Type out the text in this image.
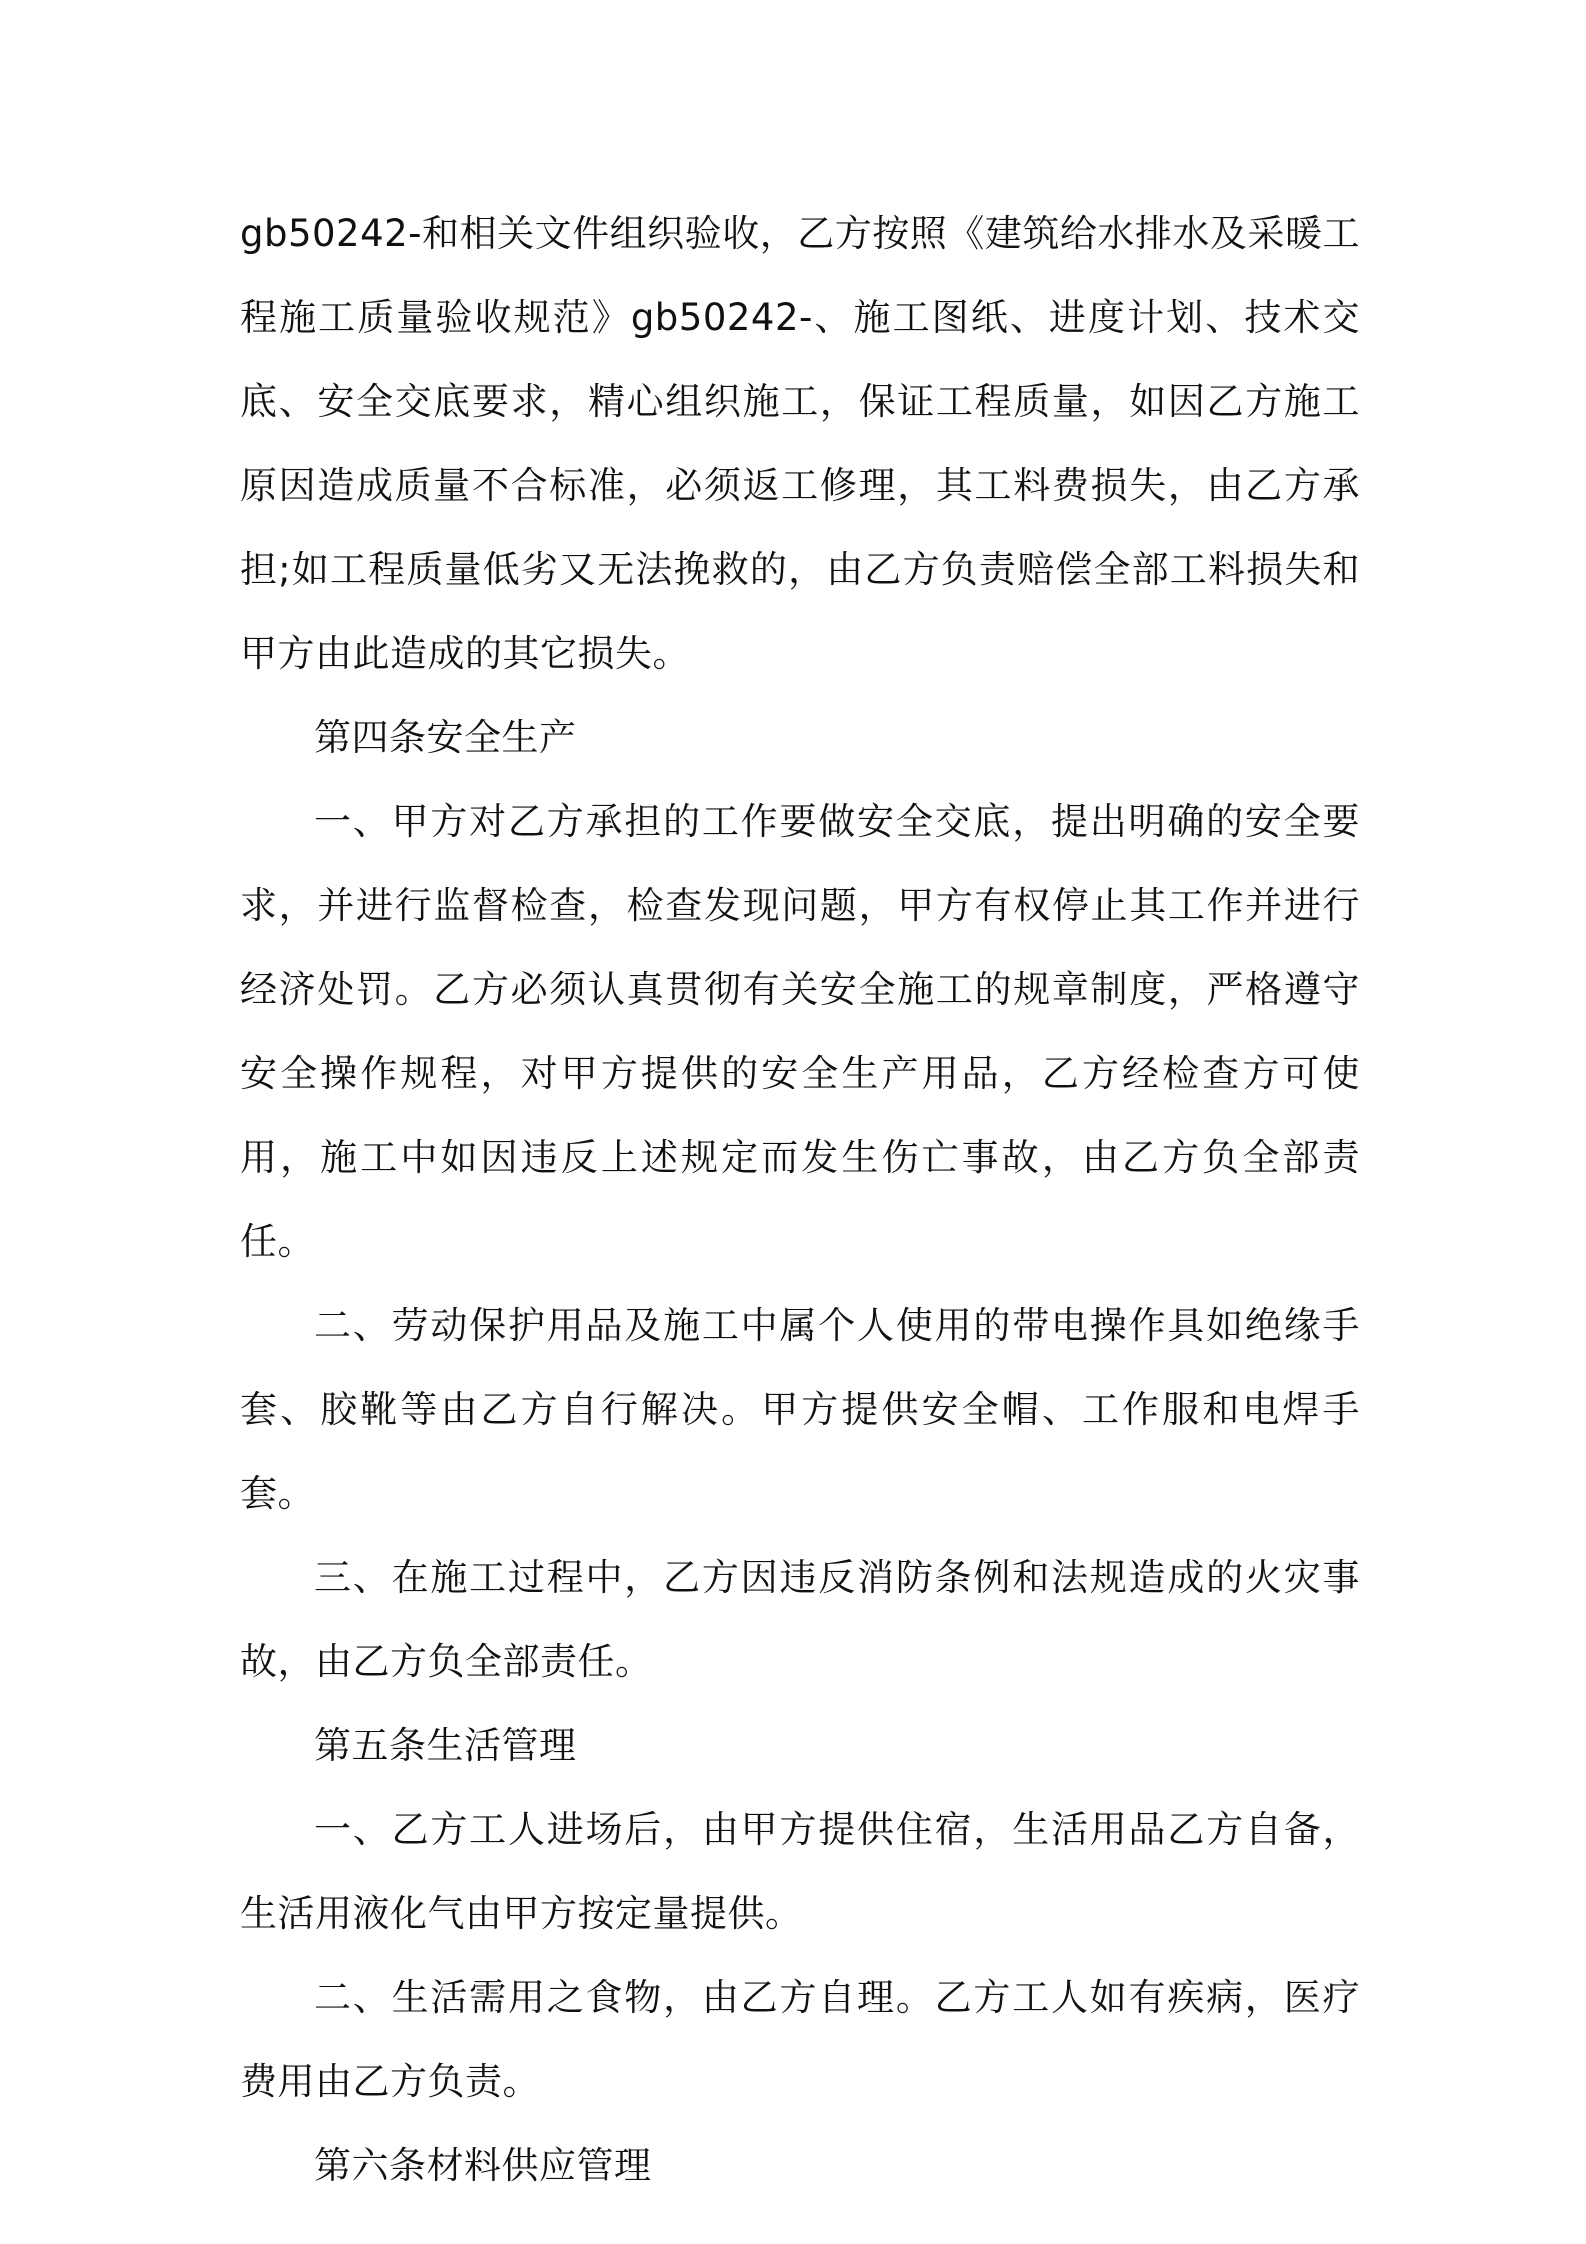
gb50242-和相关文件组织验收，乙方按照《建筑给水排水及采暖工程施工质量验收规范》gb50242-、施工图纸、进度计划、技术交底、安全交底要求，精心组织施工，保证工程质量，如因乙方施工原因造成质量不合标准，必须返工修理，其工料费损失，由乙方承担;如工程质量低劣又无法挽救的，由乙方负责赔偿全部工料损失和甲方由此造成的其它损失。

第四条安全生产

一、甲方对乙方承担的工作要做安全交底，提出明确的安全要求，并进行监督检查，检查发现问题，甲方有权停止其工作并进行经济处罚。乙方必须认真贯彻有关安全施工的规章制度，严格遵守安全操作规程，对甲方提供的安全生产用品，乙方经检查方可使用，施工中如因违反上述规定而发生伤亡事故，由乙方负全部责任。

二、劳动保护用品及施工中属个人使用的带电操作具如绝缘手套、胶靴等由乙方自行解决。甲方提供安全帽、工作服和电焊手套。

三、在施工过程中，乙方因违反消防条例和法规造成的火灾事故，由乙方负全部责任。

第五条生活管理

一、乙方工人进场后，由甲方提供住宿，生活用品乙方自备，生活用液化气由甲方按定量提供。

二、生活需用之食物，由乙方自理。乙方工人如有疾病，医疗费用由乙方负责。

第六条材料供应管理
